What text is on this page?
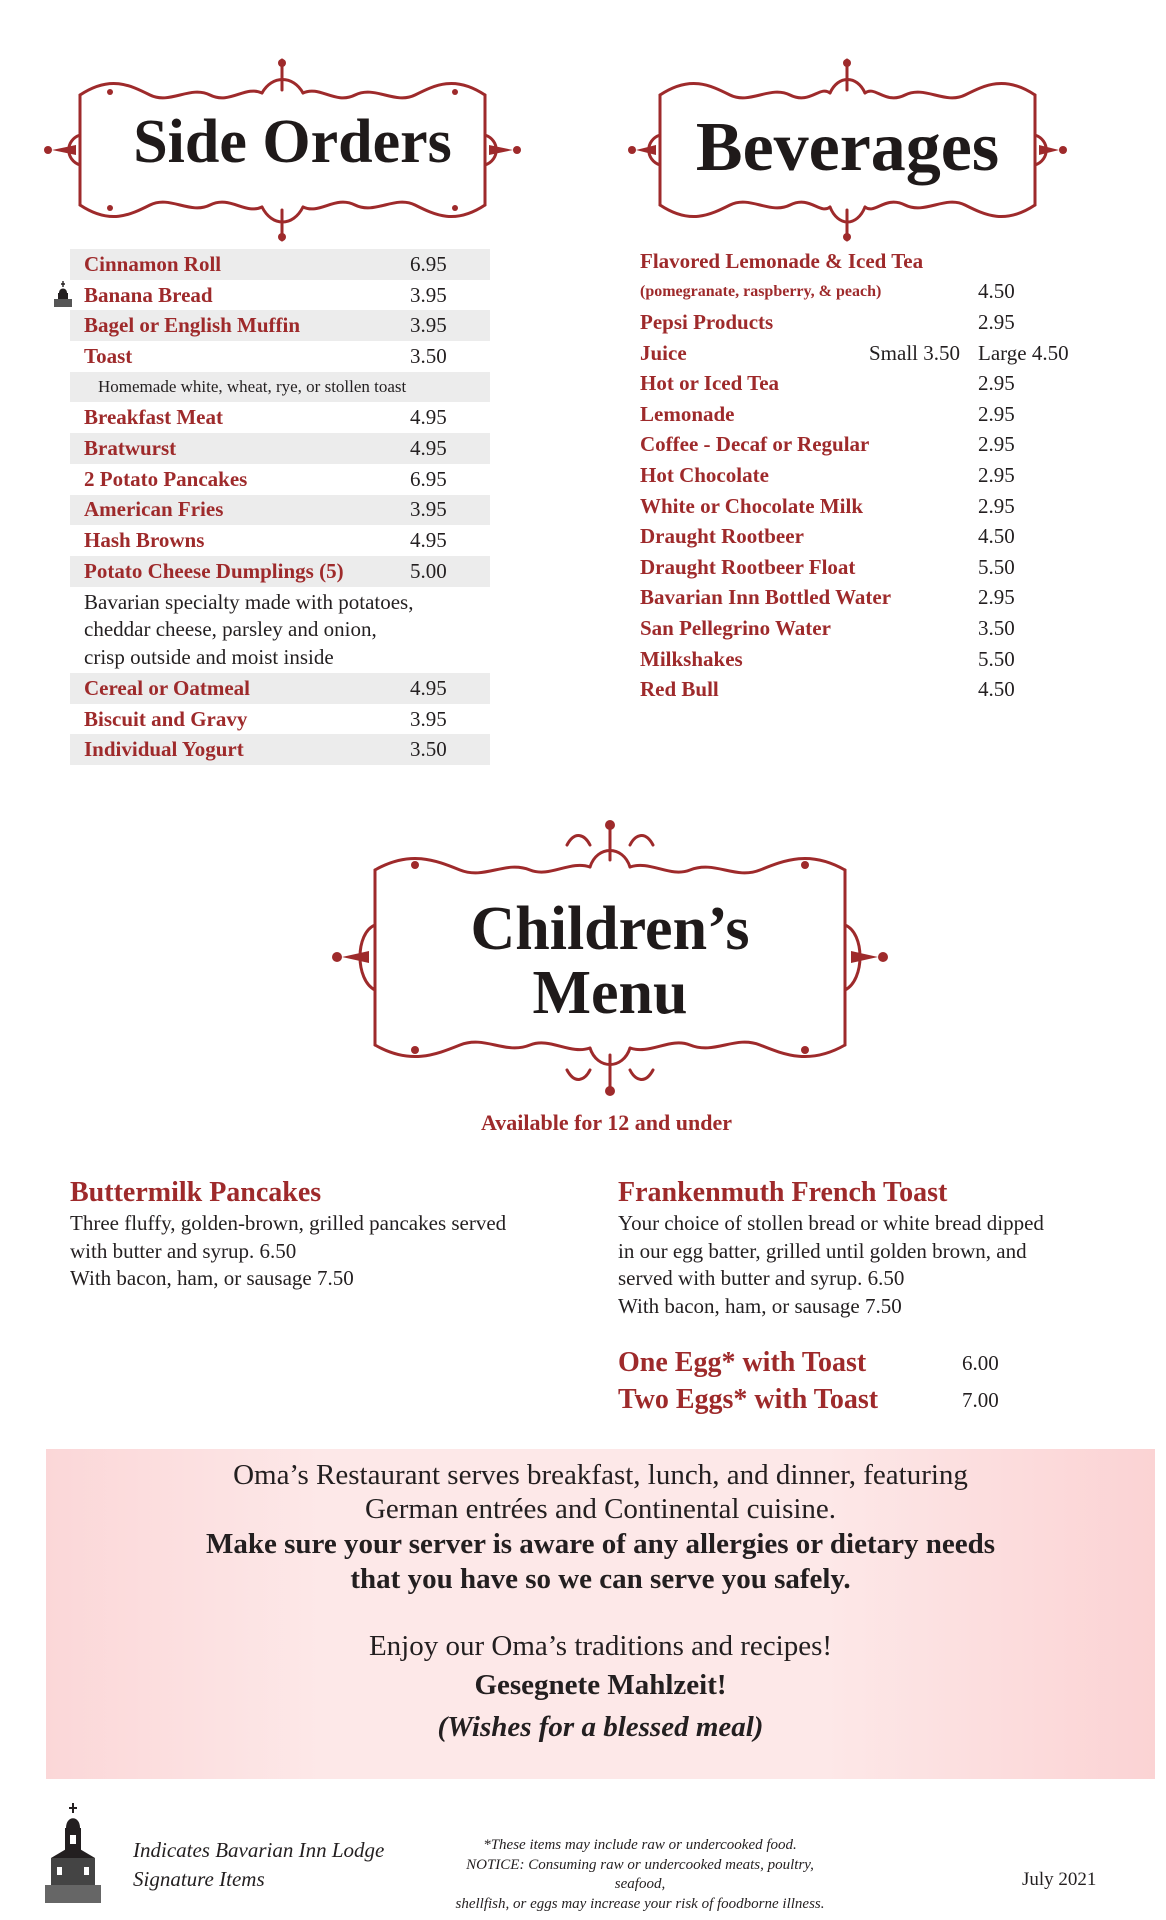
Side Orders	Beverages
Cinnamon Roll	6.95
Banana Bread	3.95
Bagel or English Muffin	3.95
Toast	3.50
Homemade white, wheat, rye, or stollen toast
Breakfast Meat	4.95
Bratwurst	4.95
2 Potato Pancakes	6.95
American Fries	3.95
Hash Browns	4.95
Potato Cheese Dumplings (5)	5.00
Bavarian specialty made with potatoes,
cheddar cheese, parsley and onion,
crisp outside and moist inside
Cereal or Oatmeal	4.95
Biscuit and Gravy	3.95
Individual Yogurt	3.50
Flavored Lemonade & Iced Tea
(pomegranate, raspberry, & peach)	4.50
Pepsi Products	2.95
Juice	Small 3.50 Large 4.50
Hot or Iced Tea	2.95
Lemonade	2.95
Coffee - Decaf or Regular	2.95
Hot Chocolate	2.95
White or Chocolate Milk	2.95
Draught Rootbeer	4.50
Draught Rootbeer Float	5.50
Bavarian Inn Bottled Water	2.95
San Pellegrino Water	3.50
Milkshakes	5.50
Red Bull	4.50
Children’s
Menu
Available for 12 and under
Buttermilk Pancakes
Three fluffy, golden-brown, grilled pancakes served
with butter and syrup. 6.50
With bacon, ham, or sausage 7.50
Frankenmuth French Toast
Your choice of stollen bread or white bread dipped
in our egg batter, grilled until golden brown, and
served with butter and syrup. 6.50
With bacon, ham, or sausage 7.50
One Egg* with Toast	6.00
Two Eggs* with Toast	7.00
Oma’s Restaurant serves breakfast, lunch, and dinner, featuring
German entrées and Continental cuisine.
Make sure your server is aware of any allergies or dietary needs
that you have so we can serve you safely.
Enjoy our Oma’s traditions and recipes!
Gesegnete Mahlzeit!
(Wishes for a blessed meal)
Indicates Bavarian Inn Lodge
Signature Items
*These items may include raw or undercooked food.
NOTICE: Consuming raw or undercooked meats, poultry, seafood,
shellfish, or eggs may increase your risk of foodborne illness.
July 2021
